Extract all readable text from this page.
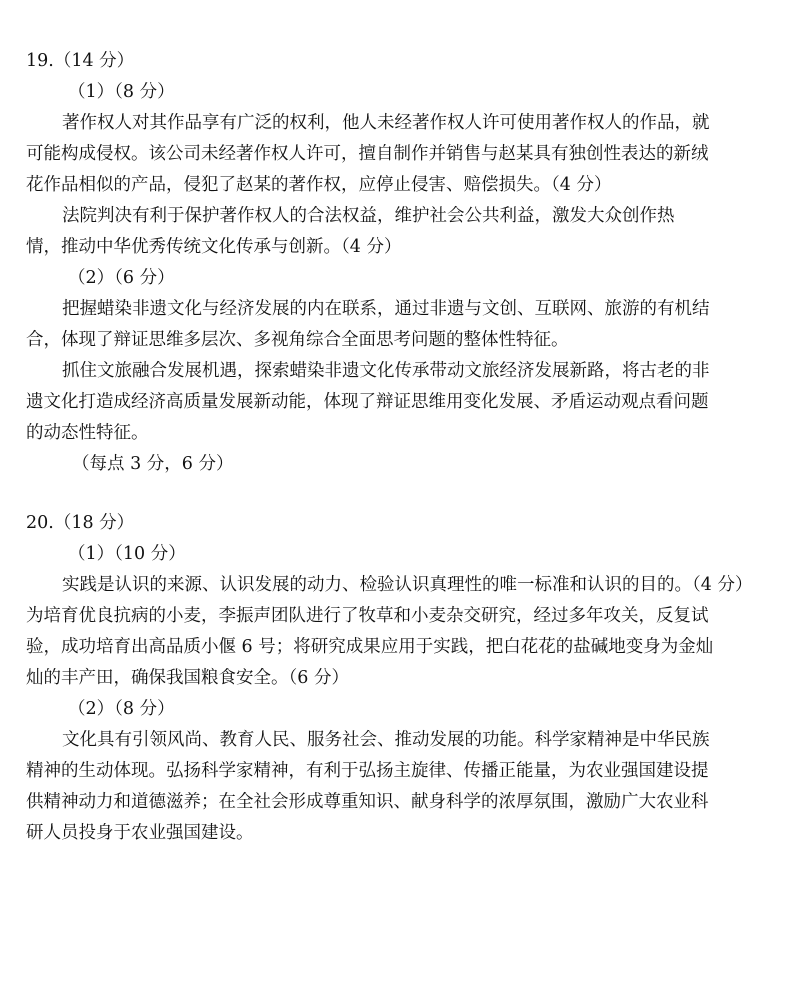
19.（14 分）
（1）（8 分）
著作权人对其作品享有广泛的权利，他人未经著作权人许可使用著作权人的作品，就
可能构成侵权。该公司未经著作权人许可，擅自制作并销售与赵某具有独创性表达的新绒
花作品相似的产品，侵犯了赵某的著作权，应停止侵害、赔偿损失。（4 分）
法院判决有利于保护著作权人的合法权益，维护社会公共利益，激发大众创作热
情，推动中华优秀传统文化传承与创新。（4 分）
（2）（6 分）
把握蜡染非遗文化与经济发展的内在联系，通过非遗与文创、互联网、旅游的有机结
合，体现了辩证思维多层次、多视角综合全面思考问题的整体性特征。
抓住文旅融合发展机遇，探索蜡染非遗文化传承带动文旅经济发展新路，将古老的非
遗文化打造成经济高质量发展新动能，体现了辩证思维用变化发展、矛盾运动观点看问题
的动态性特征。
（每点 3 分，6 分）
20.（18 分）
（1）（10 分）
实践是认识的来源、认识发展的动力、检验认识真理性的唯一标准和认识的目的。（4 分）
为培育优良抗病的小麦，李振声团队进行了牧草和小麦杂交研究，经过多年攻关，反复试
验，成功培育出高品质小偃 6 号；将研究成果应用于实践，把白花花的盐碱地变身为金灿
灿的丰产田，确保我国粮食安全。（6 分）
（2）（8 分）
文化具有引领风尚、教育人民、服务社会、推动发展的功能。科学家精神是中华民族
精神的生动体现。弘扬科学家精神，有利于弘扬主旋律、传播正能量，为农业强国建设提
供精神动力和道德滋养；在全社会形成尊重知识、献身科学的浓厚氛围，激励广大农业科
研人员投身于农业强国建设。
